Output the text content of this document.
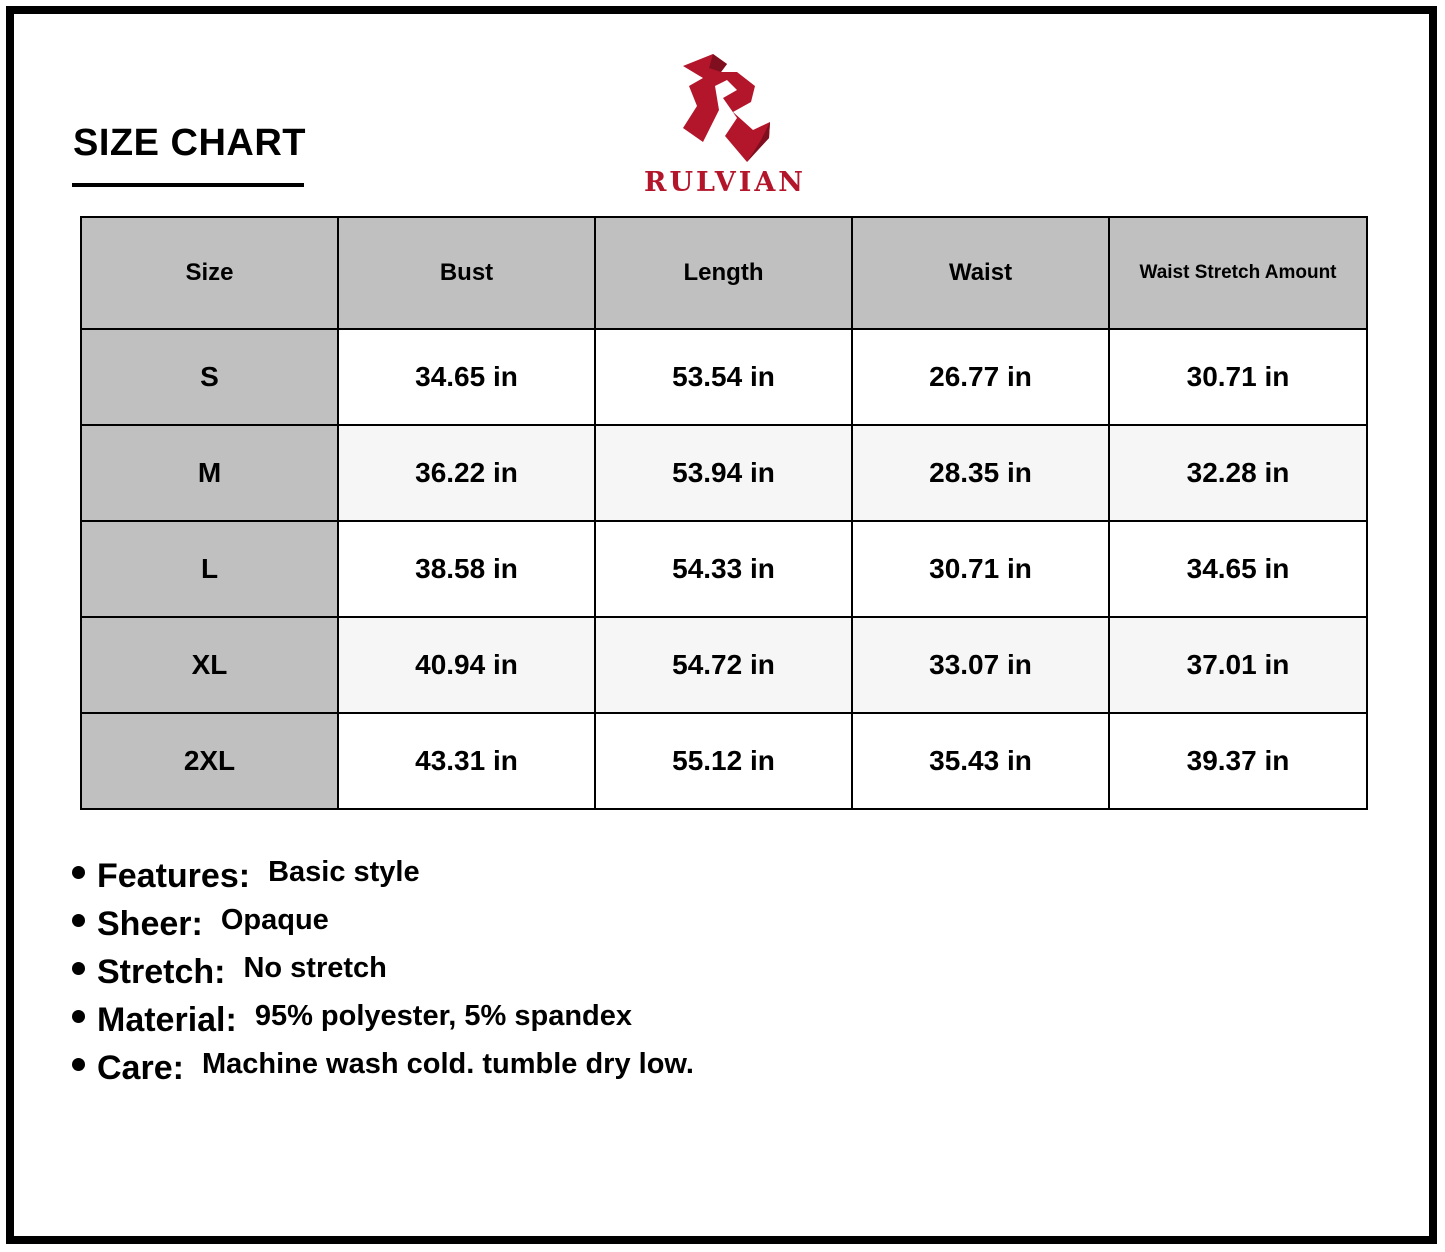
SIZE CHART
RULVIAN
Size	Bust	Length	Waist	Waist Stretch Amount
S	34.65 in	53.54 in	26.77 in	30.71 in
M	36.22 in	53.94 in	28.35 in	32.28 in
L	38.58 in	54.33 in	30.71 in	34.65 in
XL	40.94 in	54.72 in	33.07 in	37.01 in
2XL	43.31 in	55.12 in	35.43 in	39.37 in
Features: Basic style
Sheer: Opaque
Stretch: No stretch
Material: 95% polyester, 5% spandex
Care: Machine wash cold. tumble dry low.
